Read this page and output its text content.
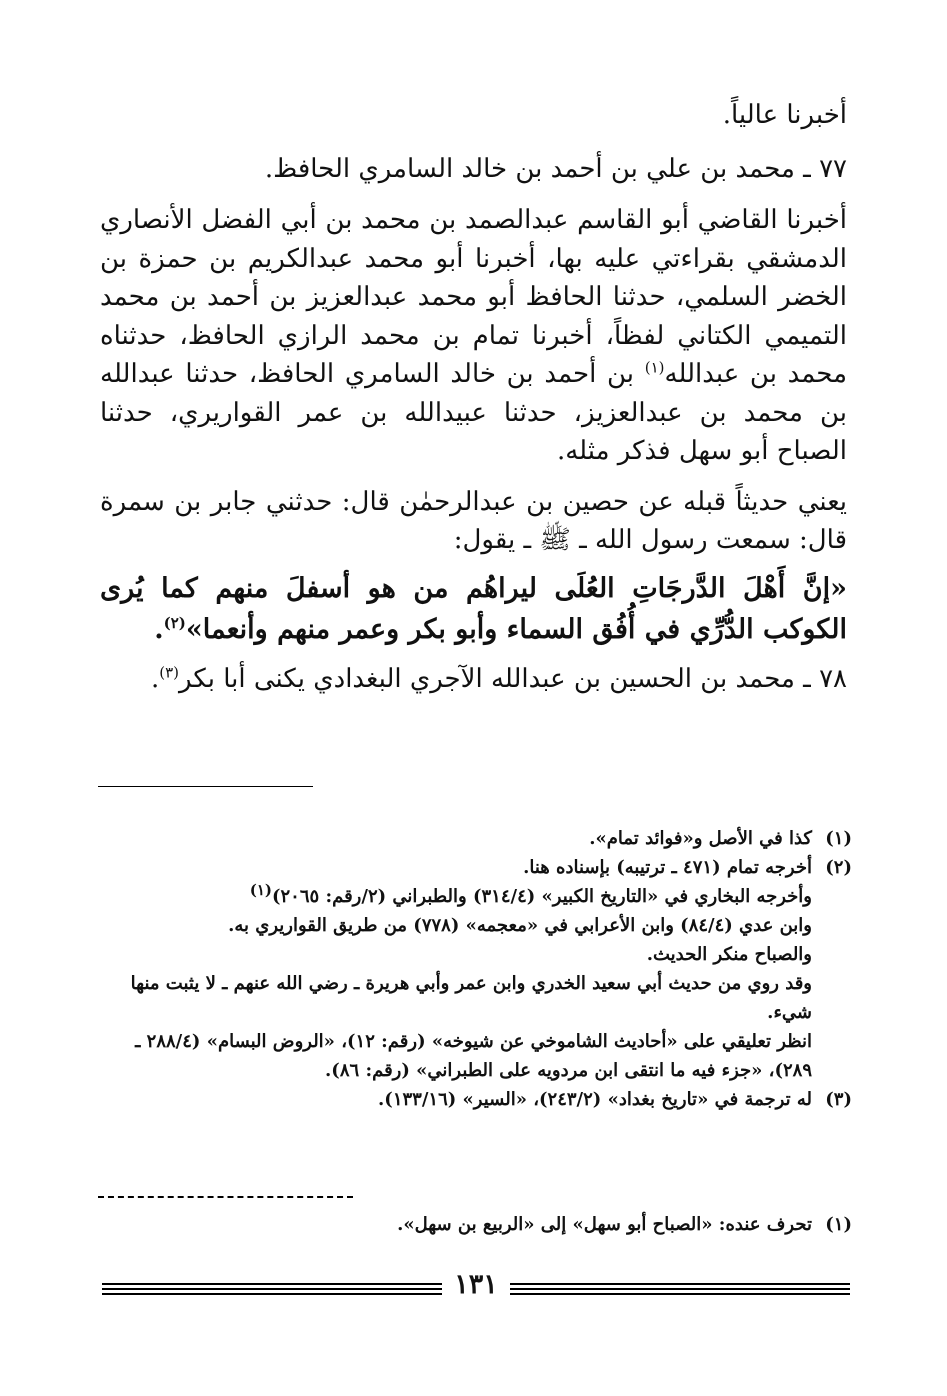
أخبرنا عالياً.
٧٧ ـ محمد بن علي بن أحمد بن خالد السامري الحافظ.
أخبرنا القاضي أبو القاسم عبدالصمد بن محمد بن أبي الفضل الأنصاري الدمشقي بقراءتي عليه بها، أخبرنا أبو محمد عبدالكريم بن حمزة بن الخضر السلمي، حدثنا الحافظ أبو محمد عبدالعزيز بن أحمد بن محمد التميمي الكتاني لفظاً، أخبرنا تمام بن محمد الرازي الحافظ، حدثناه محمد بن عبدالله$^{(١)}$ بن أحمد بن خالد السامري الحافظ، حدثنا عبدالله بن محمد بن عبدالعزيز، حدثنا عبيدالله بن عمر القواريري، حدثنا الصباح أبو سهل فذكر مثله.
يعني حديثاً قبله عن حصين بن عبدالرحمٰن قال: حدثني جابر بن سمرة قال: سمعت رسول الله ـ ﷺ ـ يقول:
«إنَّ أَهْلَ الدَّرجَاتِ العُلَى ليراهُم من هو أسفلَ منهم كما يُرى الكوكب الدُّرِّي في أُفُق السماء وأبو بكر وعمر منهم وأنعما»$^{(٢)}$.
٧٨ ـ محمد بن الحسين بن عبدالله الآجري البغدادي يكنى أبا بكر$^{(٣)}$.
(١)
كذا في الأصل و«فوائد تمام».
(٢)
أخرجه تمام (٤٧١ ـ ترتيبه) بإسناده هنا.
وأخرجه البخاري في «التاريخ الكبير» (٣١٤/٤) والطبراني (٢/رقم: ٢٠٦٥)$^{(١)}$
وابن عدي (٨٤/٤) وابن الأعرابي في «معجمه» (٧٧٨) من طريق القواريري به.
والصباح منكر الحديث.
وقد روي من حديث أبي سعيد الخدري وابن عمر وأبي هريرة ـ رضي الله عنهم ـ لا يثبت منها شيء.
انظر تعليقي على «أحاديث الشاموخي عن شيوخه» (رقم: ١٢)، «الروض البسام» (٢٨٨/٤ ـ ٢٨٩)، «جزء فيه ما انتقى ابن مردويه على الطبراني» (رقم: ٨٦).
(٣)
له ترجمة في «تاريخ بغداد» (٢٤٣/٢)، «السير» (١٣٣/١٦).
(١)
تحرف عنده: «الصباح أبو سهل» إلى «الربيع بن سهل».
١٣١
